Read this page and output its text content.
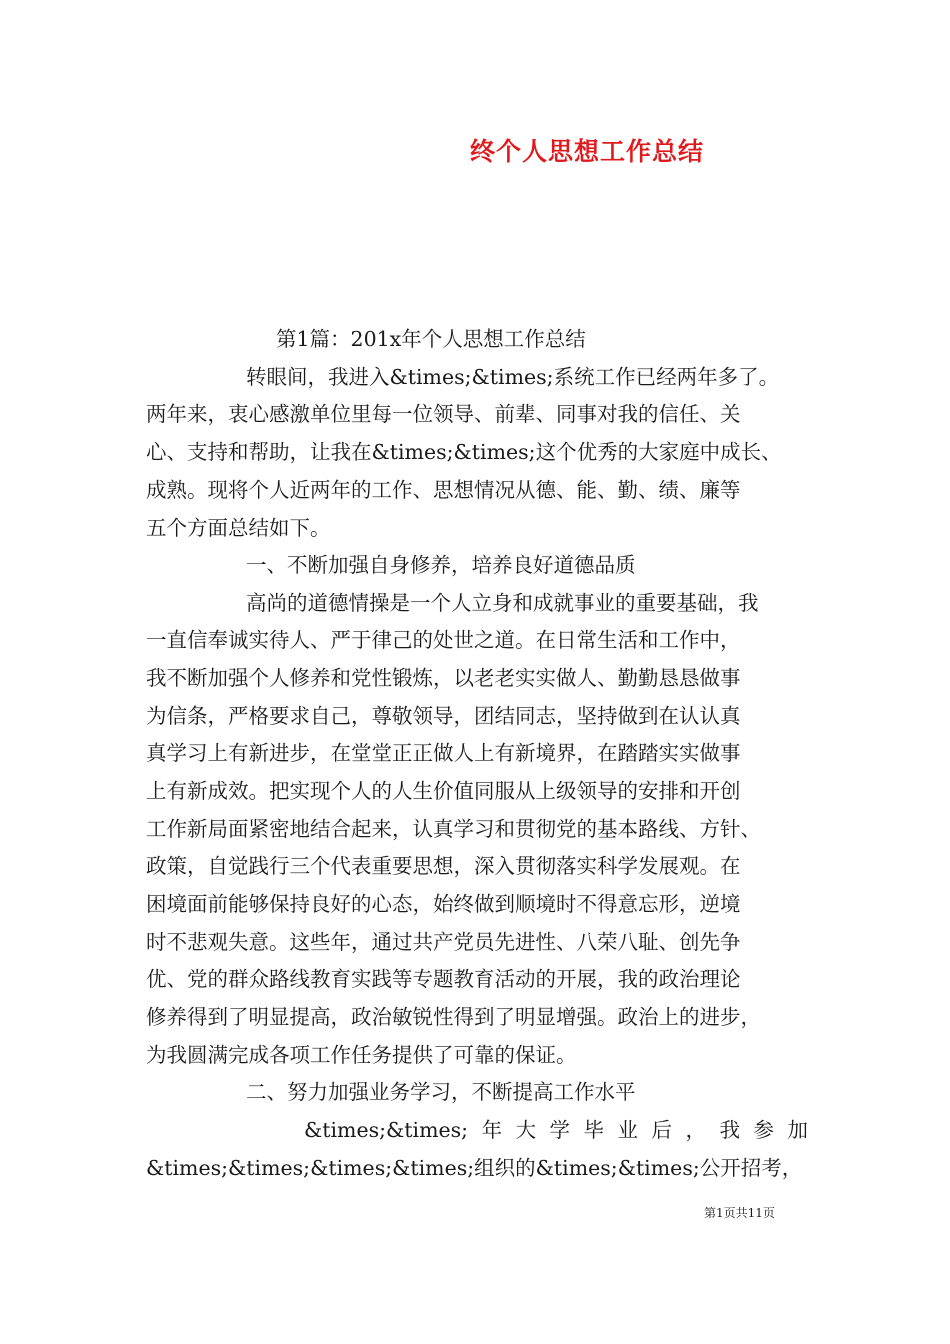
终个人思想工作总结
第1篇：201x年个人思想工作总结
转眼间，我进入&times;&times;系统工作已经两年多了。
两年来，衷心感激单位里每一位领导、前辈、同事对我的信任、关
心、支持和帮助，让我在&times;&times;这个优秀的大家庭中成长、
成熟。现将个人近两年的工作、思想情况从德、能、勤、绩、廉等
五个方面总结如下。
一、不断加强自身修养，培养良好道德品质
高尚的道德情操是一个人立身和成就事业的重要基础，我
一直信奉诚实待人、严于律己的处世之道。在日常生活和工作中，
我不断加强个人修养和党性锻炼，以老老实实做人、勤勤恳恳做事
为信条，严格要求自己，尊敬领导，团结同志，坚持做到在认认真
真学习上有新进步，在堂堂正正做人上有新境界，在踏踏实实做事
上有新成效。把实现个人的人生价值同服从上级领导的安排和开创
工作新局面紧密地结合起来，认真学习和贯彻党的基本路线、方针、
政策，自觉践行三个代表重要思想，深入贯彻落实科学发展观。在
困境面前能够保持良好的心态，始终做到顺境时不得意忘形，逆境
时不悲观失意。这些年，通过共产党员先进性、八荣八耻、创先争
优、党的群众路线教育实践等专题教育活动的开展，我的政治理论
修养得到了明显提高，政治敏锐性得到了明显增强。政治上的进步，
为我圆满完成各项工作任务提供了可靠的保证。
二、努力加强业务学习，不断提高工作水平
&times;&times; 年 大 学 毕 业 后 ， 我 参 加
&times;&times;&times;&times;组织的&times;&times;公开招考，
第1页共11页
